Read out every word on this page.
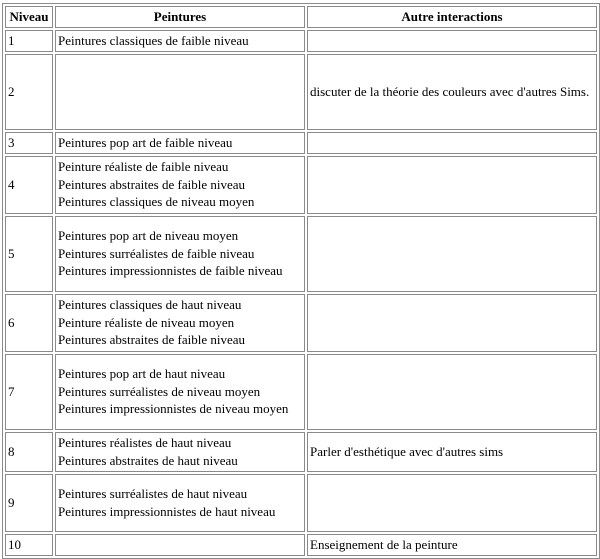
Niveau	Peintures	Autre interactions
1	Peintures classiques de faible niveau	

2		discuter de la théorie des couleurs avec d'autres Sims.
3	Peintures pop art de faible niveau	

4	Peinture réaliste de faible niveau
Peintures abstraites de faible niveau
Peintures classiques de niveau moyen	

5	Peintures pop art de niveau moyen
Peintures surréalistes de faible niveau
Peintures impressionnistes de faible niveau	

6	Peintures classiques de haut niveau
Peinture réaliste de niveau moyen
Peintures abstraites de faible niveau	

7	Peintures pop art de haut niveau
Peintures surréalistes de niveau moyen
Peintures impressionnistes de niveau moyen	

8	Peintures réalistes de haut niveau
Peintures abstraites de haut niveau	Parler d'esthétique avec d'autres sims
9	Peintures surréalistes de haut niveau
Peintures impressionnistes de haut niveau	

10		Enseignement de la peinture
